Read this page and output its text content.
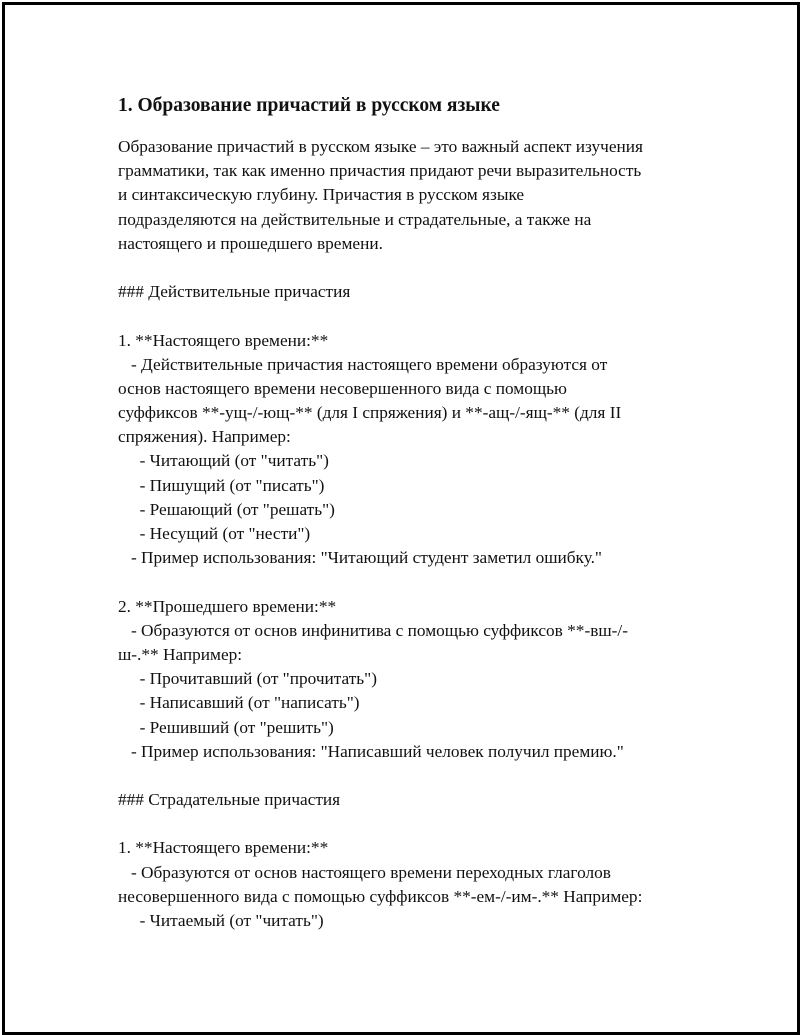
1. Образование причастий в русском языке
Образование причастий в русском языке – это важный аспект изучения
грамматики, так как именно причастия придают речи выразительность
и синтаксическую глубину. Причастия в русском языке
подразделяются на действительные и страдательные, а также на
настоящего и прошедшего времени.
### Действительные причастия
1. **Настоящего времени:**
- Действительные причастия настоящего времени образуются от
основ настоящего времени несовершенного вида с помощью
суффиксов **-ущ-/-ющ-** (для I спряжения) и **-ащ-/-ящ-** (для II
спряжения). Например:
- Читающий (от "читать")
- Пишущий (от "писать")
- Решающий (от "решать")
- Несущий (от "нести")
- Пример использования: "Читающий студент заметил ошибку."
2. **Прошедшего времени:**
- Образуются от основ инфинитива с помощью суффиксов **-вш-/-
ш-.** Например:
- Прочитавший (от "прочитать")
- Написавший (от "написать")
- Решивший (от "решить")
- Пример использования: "Написавший человек получил премию."
### Страдательные причастия
1. **Настоящего времени:**
- Образуются от основ настоящего времени переходных глаголов
несовершенного вида с помощью суффиксов **-ем-/-им-.** Например:
- Читаемый (от "читать")
